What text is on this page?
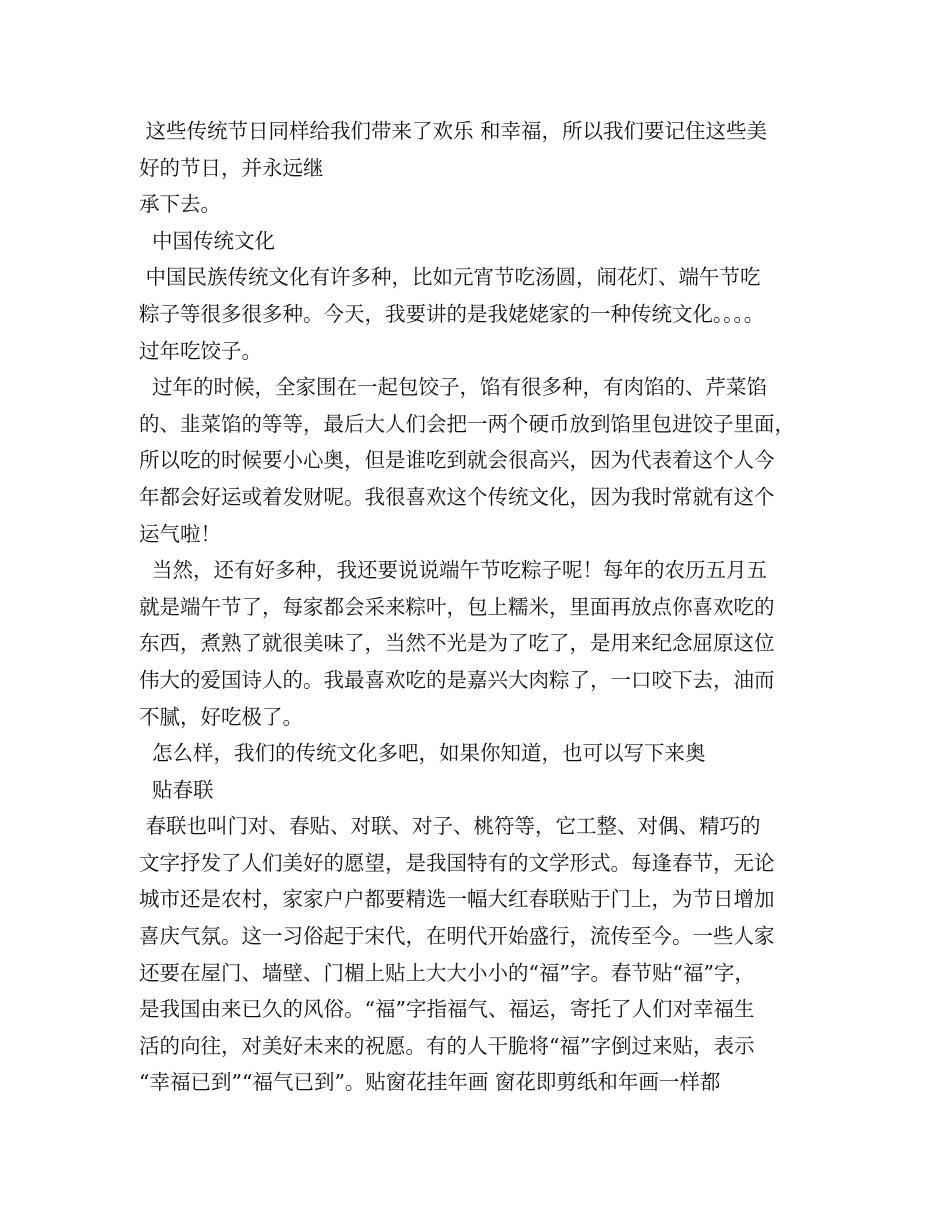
这些传统节日同样给我们带来了欢乐 和幸福，所以我们要记住这些美
好的节日，并永远继
承下去。
中国传统文化
中国民族传统文化有许多种，比如元宵节吃汤圆，闹花灯、端午节吃
粽子等很多很多种。今天，我要讲的是我姥姥家的一种传统文化。。。。
过年吃饺子。
过年的时候，全家围在一起包饺子，馅有很多种，有肉馅的、芹菜馅
的、韭菜馅的等等，最后大人们会把一两个硬币放到馅里包进饺子里面，
所以吃的时候要小心奥，但是谁吃到就会很高兴，因为代表着这个人今
年都会好运或着发财呢。我很喜欢这个传统文化，因为我时常就有这个
运气啦！
当然，还有好多种，我还要说说端午节吃粽子呢！每年的农历五月五
就是端午节了，每家都会采来粽叶，包上糯米，里面再放点你喜欢吃的
东西，煮熟了就很美味了，当然不光是为了吃了，是用来纪念屈原这位
伟大的爱国诗人的。我最喜欢吃的是嘉兴大肉粽了，一口咬下去，油而
不腻，好吃极了。
怎么样，我们的传统文化多吧，如果你知道，也可以写下来奥
贴春联
春联也叫门对、春贴、对联、对子、桃符等，它工整、对偶、精巧的
文字抒发了人们美好的愿望，是我国特有的文学形式。每逢春节，无论
城市还是农村，家家户户都要精选一幅大红春联贴于门上，为节日增加
喜庆气氛。这一习俗起于宋代，在明代开始盛行，流传至今。一些人家
还要在屋门、墙壁、门楣上贴上大大小小的“福”字。春节贴“福”字，
是我国由来已久的风俗。“福”字指福气、福运，寄托了人们对幸福生
活的向往，对美好未来的祝愿。有的人干脆将“福”字倒过来贴，表示
“幸福已到”“福气已到”。贴窗花挂年画 窗花即剪纸和年画一样都
